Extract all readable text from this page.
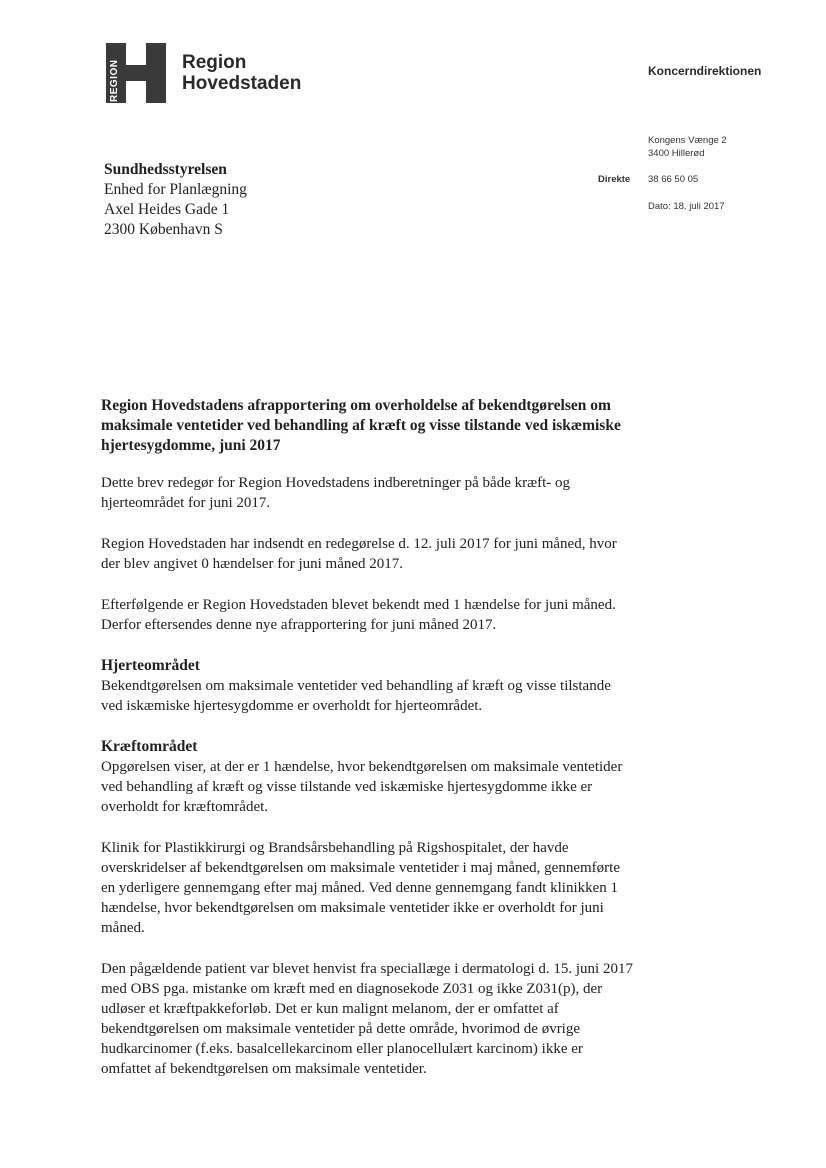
REGION	Region
Hovedstaden
Koncerndirektionen
Sundhedsstyrelsen
Enhed for Planlægning
Axel Heides Gade 1
2300 København S
Kongens Vænge 2
3400 Hillerød
Direkte 38 66 50 05
Dato: 18. juli 2017
Region Hovedstadens afrapportering om overholdelse af bekendtgørelsen om maksimale ventetider ved behandling af kræft og visse tilstande ved iskæmiske hjertesygdomme, juni 2017
Dette brev redegør for Region Hovedstadens indberetninger på både kræft- og hjerteområdet for juni 2017.
Region Hovedstaden har indsendt en redegørelse d. 12. juli 2017 for juni måned, hvor der blev angivet 0 hændelser for juni måned 2017.
Efterfølgende er Region Hovedstaden blevet bekendt med 1 hændelse for juni måned. Derfor eftersendes denne nye afrapportering for juni måned 2017.
Hjerteområdet
Bekendtgørelsen om maksimale ventetider ved behandling af kræft og visse tilstande ved iskæmiske hjertesygdomme er overholdt for hjerteområdet.
Kræftområdet
Opgørelsen viser, at der er 1 hændelse, hvor bekendtgørelsen om maksimale ventetider ved behandling af kræft og visse tilstande ved iskæmiske hjertesygdomme ikke er overholdt for kræftområdet.
Klinik for Plastikkirurgi og Brandsårsbehandling på Rigshospitalet, der havde overskridelser af bekendtgørelsen om maksimale ventetider i maj måned, gennemførte en yderligere gennemgang efter maj måned. Ved denne gennemgang fandt klinikken 1 hændelse, hvor bekendtgørelsen om maksimale ventetider ikke er overholdt for juni måned.
Den pågældende patient var blevet henvist fra speciallæge i dermatologi d. 15. juni 2017 med OBS pga. mistanke om kræft med en diagnosekode Z031 og ikke Z031(p), der udløser et kræftpakkeforløb. Det er kun malignt melanom, der er omfattet af bekendtgørelsen om maksimale ventetider på dette område, hvorimod de øvrige hudkarcinomer (f.eks. basalcellekarcinom eller planocellulært karcinom) ikke er omfattet af bekendtgørelsen om maksimale ventetider.
